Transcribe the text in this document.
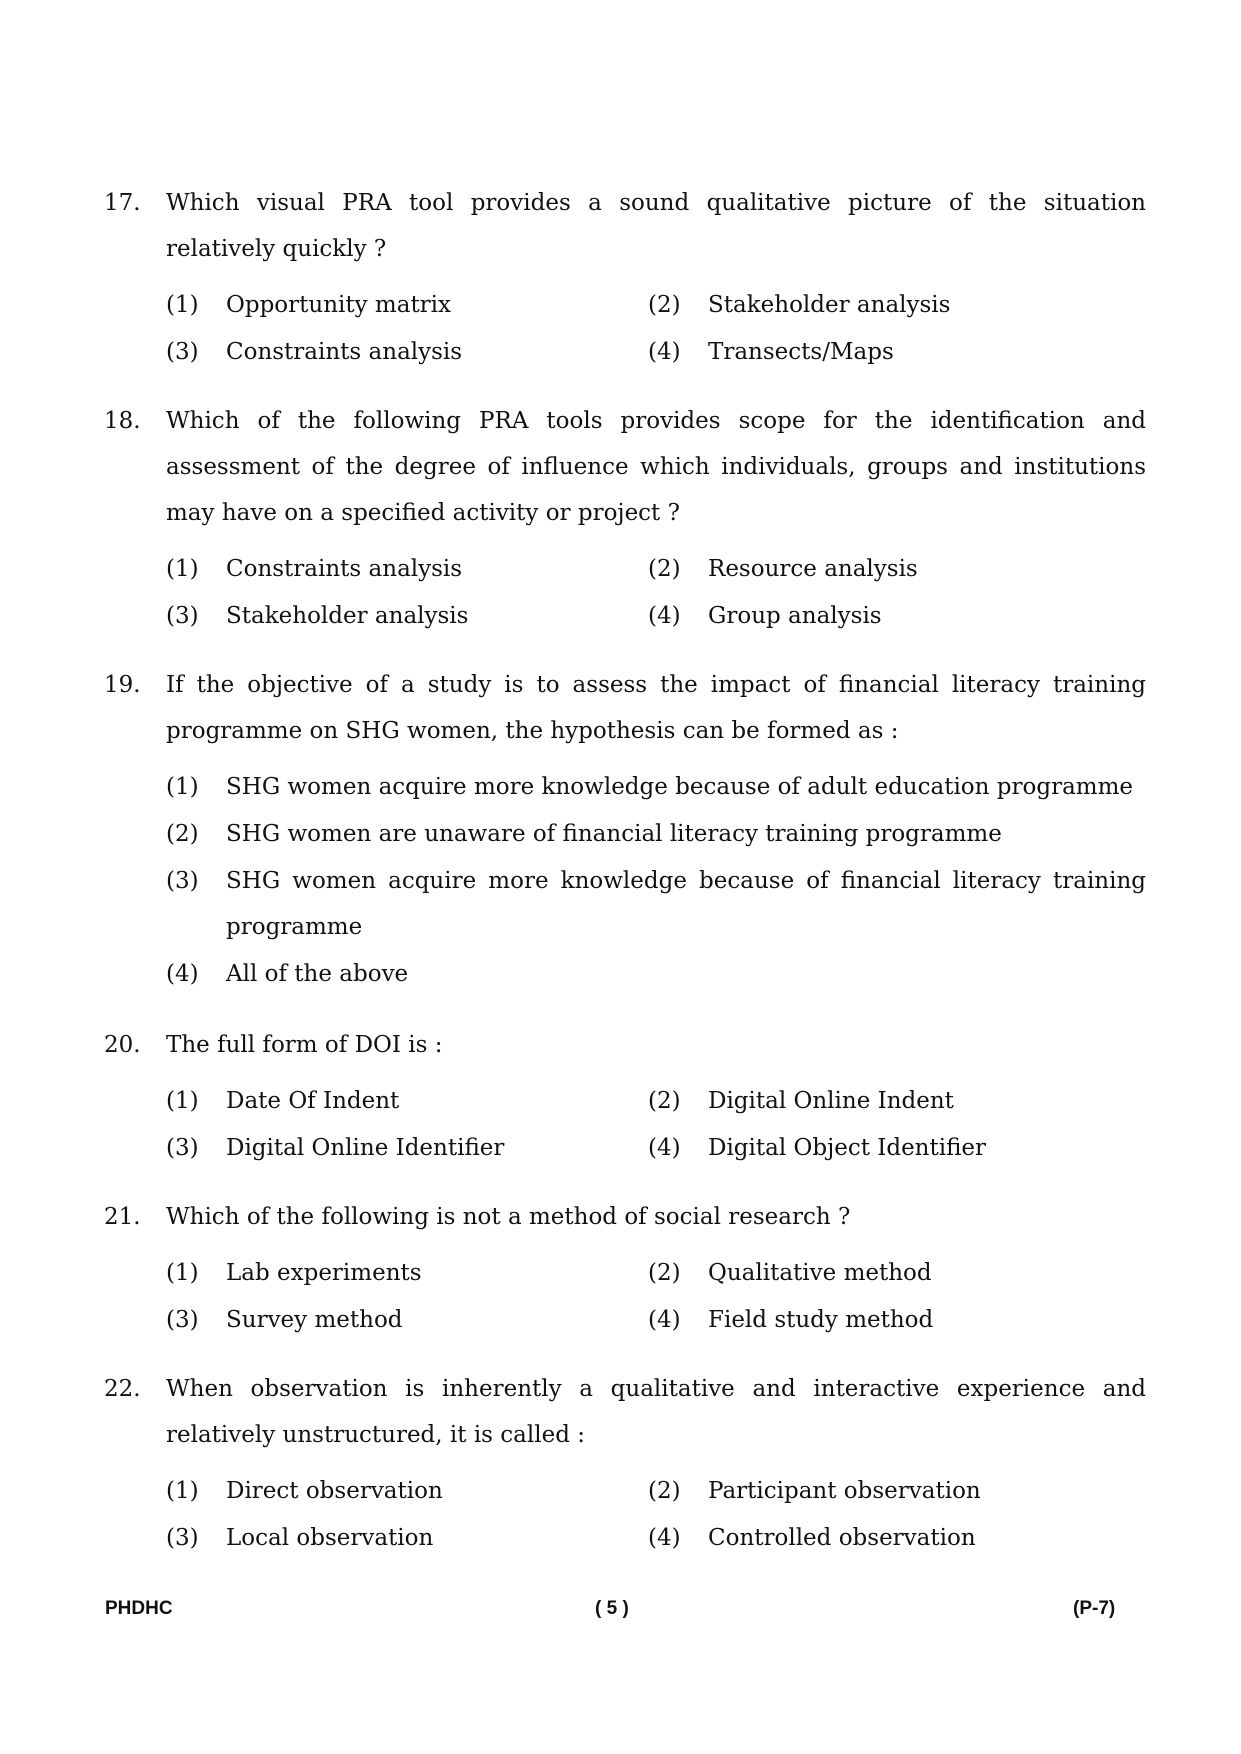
17. Which visual PRA tool provides a sound qualitative picture of the situation relatively quickly ?
(1) Opportunity matrix	(2) Stakeholder analysis
(3) Constraints analysis	(4) Transects/Maps
18. Which of the following PRA tools provides scope for the identification and assessment of the degree of influence which individuals, groups and institutions may have on a specified activity or project ?
(1) Constraints analysis	(2) Resource analysis
(3) Stakeholder analysis	(4) Group analysis
19. If the objective of a study is to assess the impact of financial literacy training programme on SHG women, the hypothesis can be formed as :
(1) SHG women acquire more knowledge because of adult education programme
(2) SHG women are unaware of financial literacy training programme
(3) SHG women acquire more knowledge because of financial literacy training programme
(4) All of the above
20. The full form of DOI is :
(1) Date Of Indent	(2) Digital Online Indent
(3) Digital Online Identifier	(4) Digital Object Identifier
21. Which of the following is not a method of social research ?
(1) Lab experiments	(2) Qualitative method
(3) Survey method	(4) Field study method
22. When observation is inherently a qualitative and interactive experience and relatively unstructured, it is called :
(1) Direct observation	(2) Participant observation
(3) Local observation	(4) Controlled observation
PHDHC	( 5 )	(P-7)
